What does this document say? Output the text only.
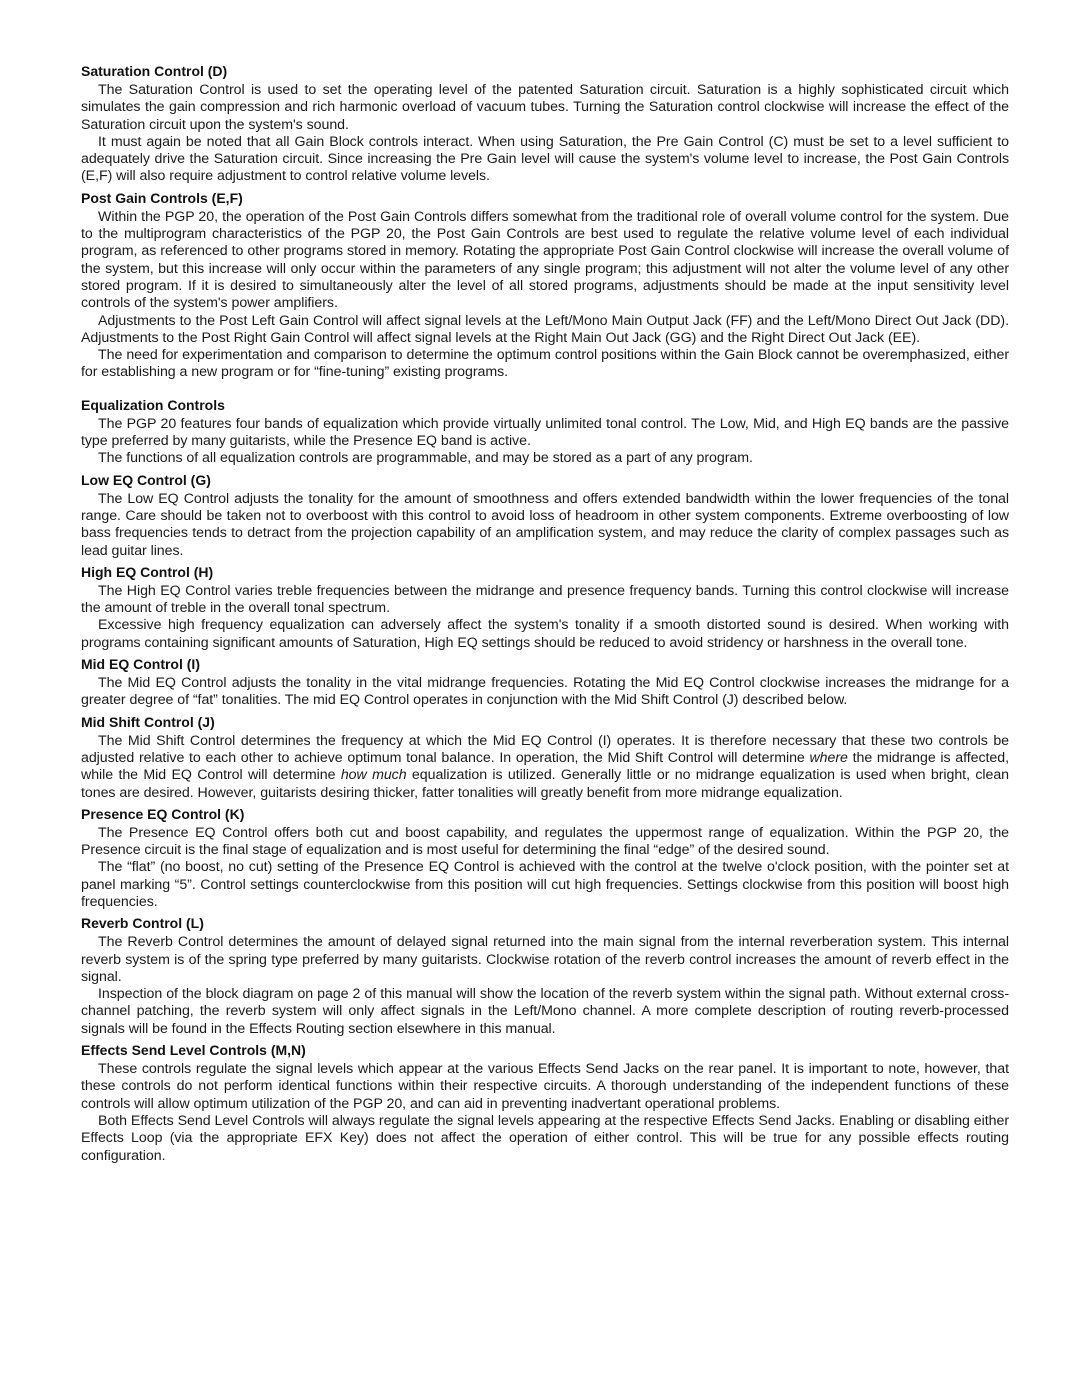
Saturation Control (D)

The Saturation Control is used to set the operating level of the patented Saturation circuit. Saturation is a highly sophisticated circuit which simulates the gain compression and rich harmonic overload of vacuum tubes. Turning the Saturation control clockwise will increase the effect of the Saturation circuit upon the system's sound.

It must again be noted that all Gain Block controls interact. When using Saturation, the Pre Gain Control (C) must be set to a level sufficient to adequately drive the Saturation circuit. Since increasing the Pre Gain level will cause the system's volume level to increase, the Post Gain Controls (E,F) will also require adjustment to control relative volume levels.

Post Gain Controls (E,F)

Within the PGP 20, the operation of the Post Gain Controls differs somewhat from the traditional role of overall volume control for the system. Due to the multiprogram characteristics of the PGP 20, the Post Gain Controls are best used to regulate the relative volume level of each individual program, as referenced to other programs stored in memory. Rotating the appropriate Post Gain Control clockwise will increase the overall volume of the system, but this increase will only occur within the parameters of any single program; this adjustment will not alter the volume level of any other stored program. If it is desired to simultaneously alter the level of all stored programs, adjustments should be made at the input sensitivity level controls of the system's power amplifiers.

Adjustments to the Post Left Gain Control will affect signal levels at the Left/Mono Main Output Jack (FF) and the Left/Mono Direct Out Jack (DD). Adjustments to the Post Right Gain Control will affect signal levels at the Right Main Out Jack (GG) and the Right Direct Out Jack (EE).

The need for experimentation and comparison to determine the optimum control positions within the Gain Block cannot be overemphasized, either for establishing a new program or for “fine-tuning” existing programs.

Equalization Controls

The PGP 20 features four bands of equalization which provide virtually unlimited tonal control. The Low, Mid, and High EQ bands are the passive type preferred by many guitarists, while the Presence EQ band is active.

The functions of all equalization controls are programmable, and may be stored as a part of any program.

Low EQ Control (G)

The Low EQ Control adjusts the tonality for the amount of smoothness and offers extended bandwidth within the lower frequencies of the tonal range. Care should be taken not to overboost with this control to avoid loss of headroom in other system components. Extreme overboosting of low bass frequencies tends to detract from the projection capability of an amplification system, and may reduce the clarity of complex passages such as lead guitar lines.

High EQ Control (H)

The High EQ Control varies treble frequencies between the midrange and presence frequency bands. Turning this control clockwise will increase the amount of treble in the overall tonal spectrum.

Excessive high frequency equalization can adversely affect the system's tonality if a smooth distorted sound is desired. When working with programs containing significant amounts of Saturation, High EQ settings should be reduced to avoid stridency or harshness in the overall tone.

Mid EQ Control (I)

The Mid EQ Control adjusts the tonality in the vital midrange frequencies. Rotating the Mid EQ Control clockwise increases the midrange for a greater degree of “fat” tonalities. The mid EQ Control operates in conjunction with the Mid Shift Control (J) described below.

Mid Shift Control (J)

The Mid Shift Control determines the frequency at which the Mid EQ Control (I) operates. It is therefore necessary that these two controls be adjusted relative to each other to achieve optimum tonal balance. In operation, the Mid Shift Control will determine where the midrange is affected, while the Mid EQ Control will determine how much equalization is utilized. Generally little or no midrange equalization is used when bright, clean tones are desired. However, guitarists desiring thicker, fatter tonalities will greatly benefit from more midrange equalization.

Presence EQ Control (K)

The Presence EQ Control offers both cut and boost capability, and regulates the uppermost range of equalization. Within the PGP 20, the Presence circuit is the final stage of equalization and is most useful for determining the final “edge” of the desired sound.

The “flat” (no boost, no cut) setting of the Presence EQ Control is achieved with the control at the twelve o'clock position, with the pointer set at panel marking “5”. Control settings counterclockwise from this position will cut high frequencies. Settings clockwise from this position will boost high frequencies.

Reverb Control (L)

The Reverb Control determines the amount of delayed signal returned into the main signal from the internal reverberation system. This internal reverb system is of the spring type preferred by many guitarists. Clockwise rotation of the reverb control increases the amount of reverb effect in the signal.

Inspection of the block diagram on page 2 of this manual will show the location of the reverb system within the signal path. Without external cross-channel patching, the reverb system will only affect signals in the Left/Mono channel. A more complete description of routing reverb-processed signals will be found in the Effects Routing section elsewhere in this manual.

Effects Send Level Controls (M,N)

These controls regulate the signal levels which appear at the various Effects Send Jacks on the rear panel. It is important to note, however, that these controls do not perform identical functions within their respective circuits. A thorough understanding of the independent functions of these controls will allow optimum utilization of the PGP 20, and can aid in preventing inadvertant operational problems.

Both Effects Send Level Controls will always regulate the signal levels appearing at the respective Effects Send Jacks. Enabling or disabling either Effects Loop (via the appropriate EFX Key) does not affect the operation of either control. This will be true for any possible effects routing configuration.
